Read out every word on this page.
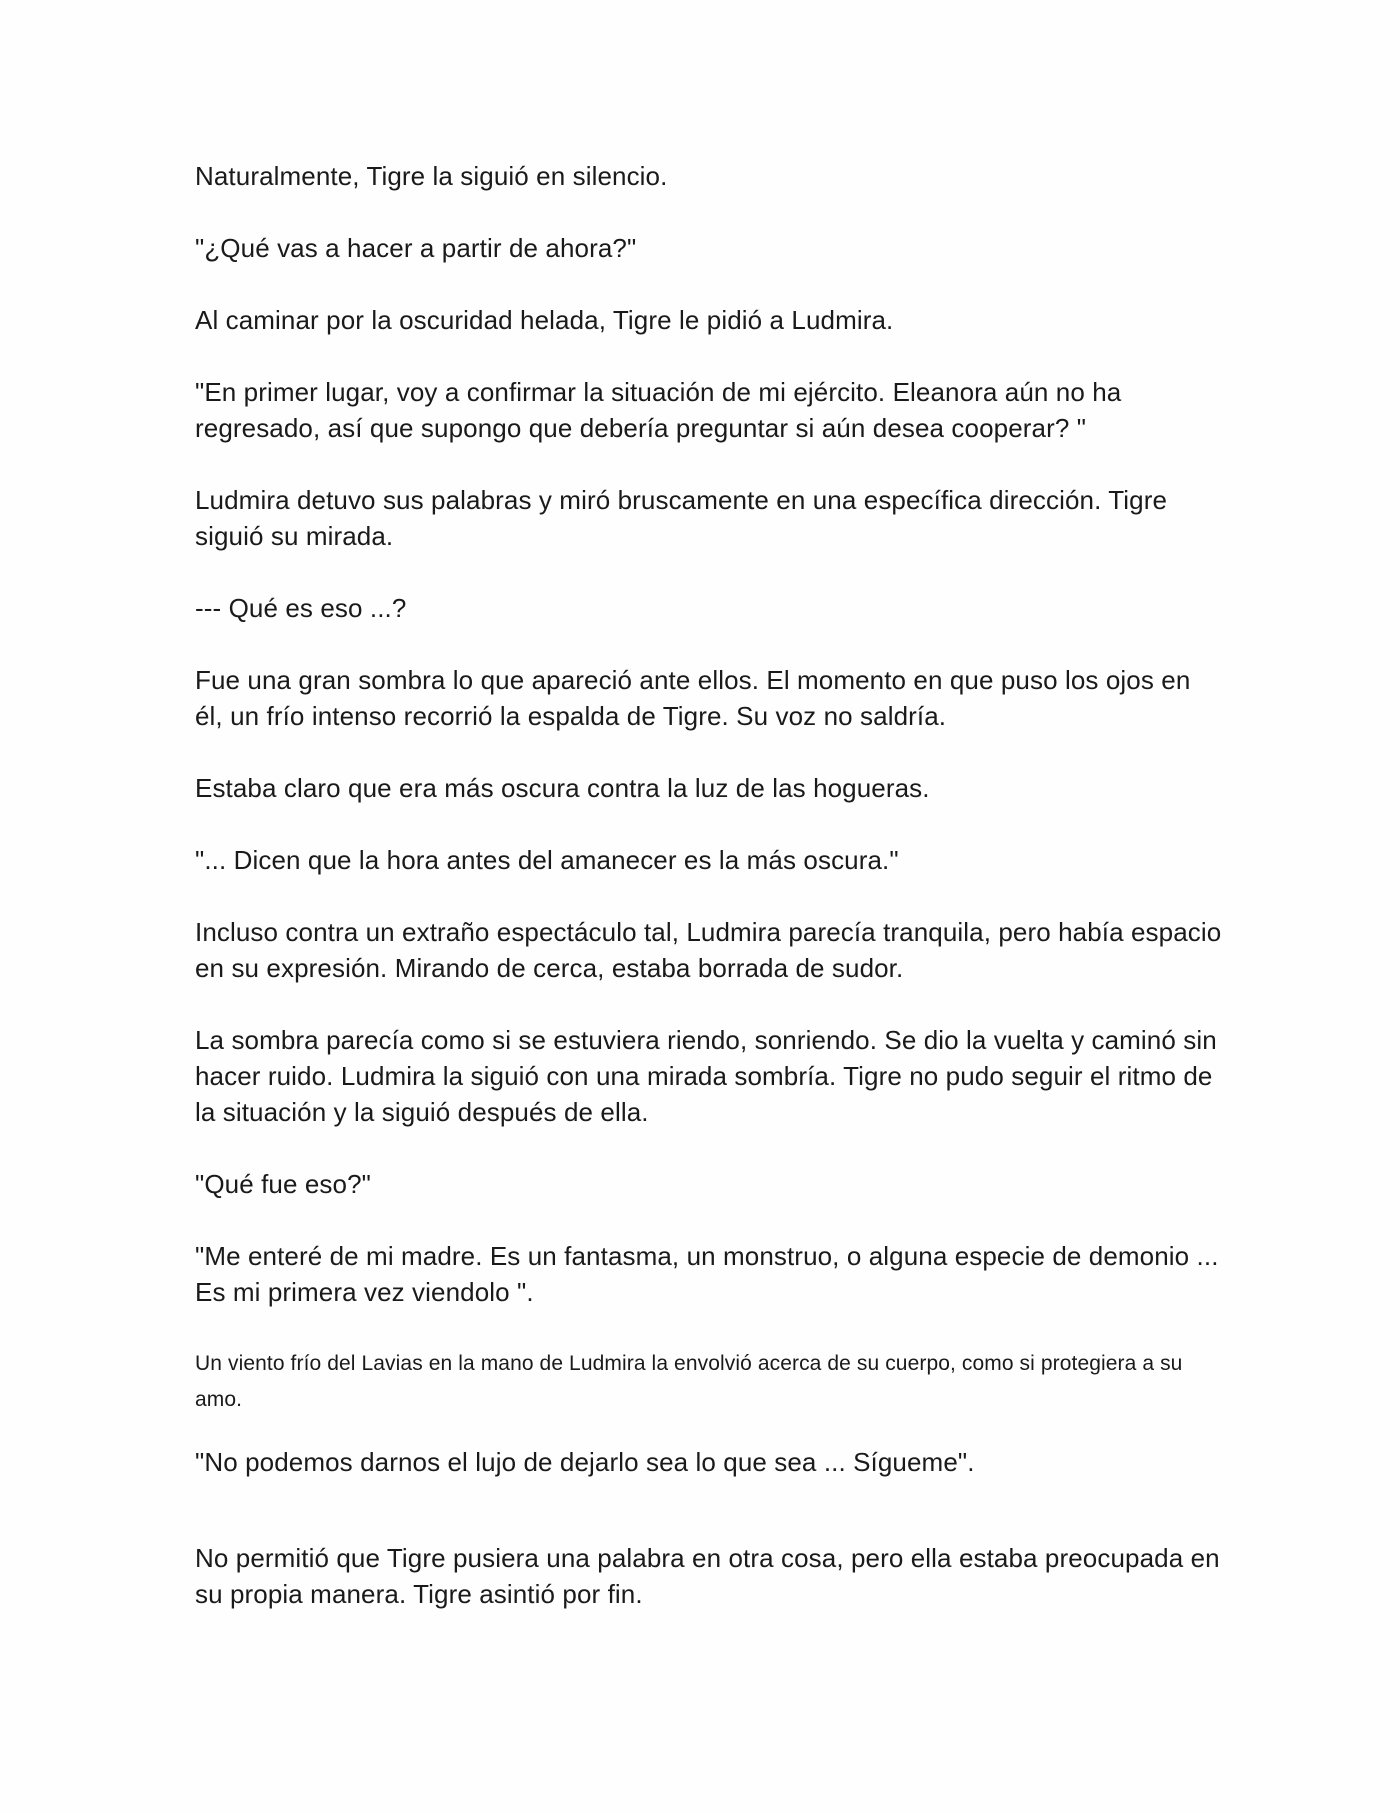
Naturalmente, Tigre la siguió en silencio.

"¿Qué vas a hacer a partir de ahora?"

Al caminar por la oscuridad helada, Tigre le pidió a Ludmira.

"En primer lugar, voy a confirmar la situación de mi ejército. Eleanora aún no ha regresado, así que supongo que debería preguntar si aún desea cooperar? "

Ludmira detuvo sus palabras y miró bruscamente en una específica dirección. Tigre siguió su mirada.

--- Qué es eso ...?

Fue una gran sombra lo que apareció ante ellos. El momento en que puso los ojos en él, un frío intenso recorrió la espalda de Tigre. Su voz no saldría.

Estaba claro que era más oscura contra la luz de las hogueras.

"... Dicen que la hora antes del amanecer es la más oscura."

Incluso contra un extraño espectáculo tal, Ludmira parecía tranquila, pero había espacio en su expresión. Mirando de cerca, estaba borrada de sudor.

La sombra parecía como si se estuviera riendo, sonriendo. Se dio la vuelta y caminó sin hacer ruido. Ludmira la siguió con una mirada sombría. Tigre no pudo seguir el ritmo de la situación y la siguió después de ella.

"Qué fue eso?"

"Me enteré de mi madre. Es un fantasma, un monstruo, o alguna especie de demonio ... Es mi primera vez viendolo ".

Un viento frío del Lavias en la mano de Ludmira la envolvió acerca de su cuerpo, como si protegiera a su amo.

"No podemos darnos el lujo de dejarlo sea lo que sea ... Sígueme".

No permitió que Tigre pusiera una palabra en otra cosa, pero ella estaba preocupada en su propia manera. Tigre asintió por fin.
